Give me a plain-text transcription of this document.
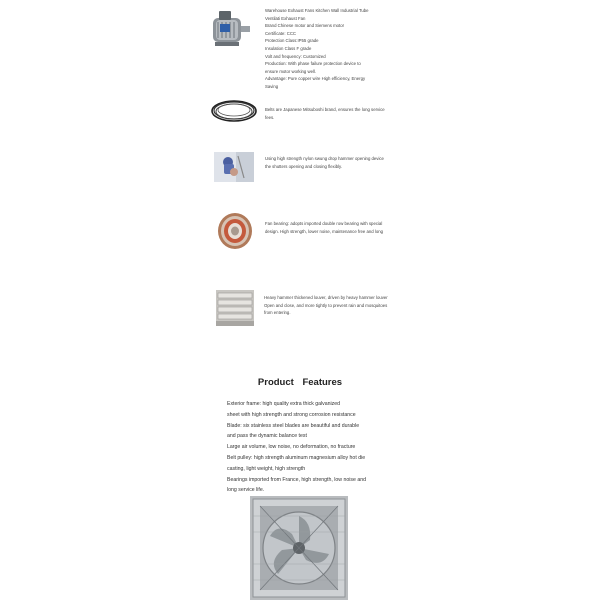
Warehouse Exhaust Fans Kitchen Wall Industrial Tube
Ventilati Exhaust Fan
Brand Chinese motor and Siemens motor
Certificate: CCC
Protection Class:IP55 grade
Insulation Class F grade
Volt and frequency: Customized
Production: With phase failure protection device to
ensure motor working well.
Advantage: Pure copper wire High efficiency, Energy
Saving
Belts are Japanese Mitsuboshi brand, ensures the long service
fees.
Using high strength nylon swung drop hammer opening device
the shutters opening and closing flexibly.
Fan bearing: adopts imported double row bearing with special
design. High strength, lower noise, maintenance free and long
Heavy hammer thickened louver, driven by heavy hammer louver
Open and close, and more tightly to prevent rain and mosquitoes
from entering.
Product Features
Exterior frame: high quality extra thick galvanized
sheet with high strength and strong corrosion resistance
Blade: six stainless steel blades are beautiful and durable
and pass the dynamic balance test
Large air volume, low noise, no deformation, no fracture
Belt pulley: high strength aluminum magnesium alloy hot die
casting, light weight, high strength
Bearings imported from France, high strength, low noise and
long service life.
